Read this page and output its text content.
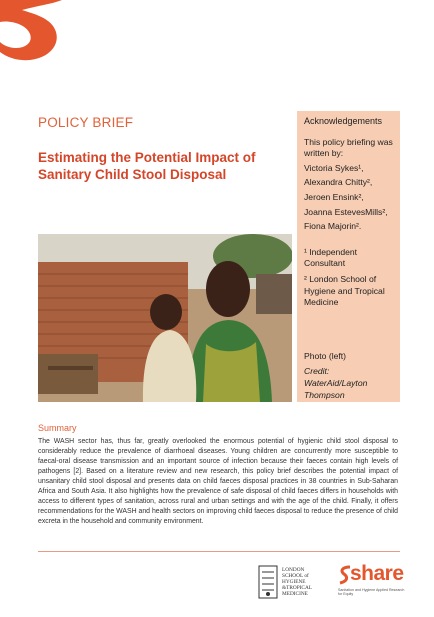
POLICY BRIEF
Estimating the Potential Impact of
Sanitary Child Stool Disposal

Acknowledgements

This policy briefing was written by:

Victoria Sykes¹,

Alexandra Chitty²,

Jeroen Ensink²,

Joanna EstevesMills²,

Fiona Majorin².

¹ Independent Consultant

² London School of Hygiene and Tropical Medicine

Photo (left)

Credit: WaterAid/Layton Thompson

Summary
The WASH sector has, thus far, greatly overlooked the enormous potential of hygienic child stool disposal to considerably reduce the prevalence of diarrhoeal diseases. Young children are concurrently more susceptible to faecal-oral disease transmission and an important source of infection because their faeces contain high levels of pathogens [2]. Based on a literature review and new research, this policy brief describes the potential impact of unsanitary child stool disposal and presents data on child faeces disposal practices in 38 countries in Sub-Saharan Africa and South Asia. It also highlights how the prevalence of safe disposal of child faeces differs in households with access to different types of sanitation, across rural and urban settings and with the age of the child. Finally, it offers recommendations for the WASH and health sectors on improving child faeces disposal to reduce the presence of child excreta in the household and community environment.
LONDON
SCHOOL of
HYGIENE
&TROPICAL
MEDICINE
share
Sanitation and Hygiene Applied Research for Equity
